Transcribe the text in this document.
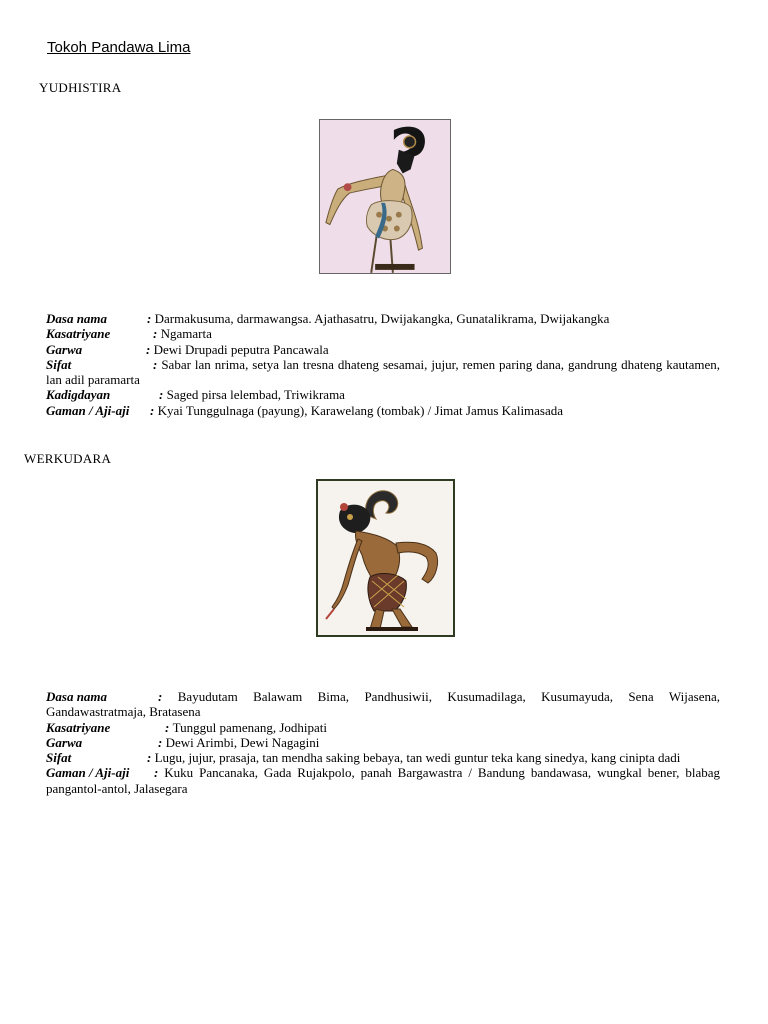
Tokoh Pandawa Lima
YUDHISTIRA

Dasa nama	: Darmakusuma, darmawangsa. Ajathasatru, Dwijakangka, Gunatalikrama, Dwijakangka

Kasatriyane	: Ngamarta

Garwa	: Dewi Drupadi peputra Pancawala

Sifat	: Sabar lan nrima, setya lan tresna dhateng sesamai, jujur, remen paring dana, gandrung dhateng kautamen, lan adil paramarta

Kadigdayan	: Saged pirsa lelembad, Triwikrama

Gaman / Aji-aji : Kyai Tunggulnaga (payung), Karawelang (tombak) / Jimat Jamus Kalimasada

WERKUDARA

Dasa nama	: Bayudutam Balawam Bima, Pandhusiwii, Kusumadilaga, Kusumayuda, Sena Wijasena, Gandawastratmaja, Bratasena

Kasatriyane	: Tunggul pamenang, Jodhipati

Garwa	: Dewi Arimbi, Dewi Nagagini

Sifat	: Lugu, jujur, prasaja, tan mendha saking bebaya, tan wedi guntur teka kang sinedya, kang cinipta dadi

Gaman / Aji-aji : Kuku Pancanaka, Gada Rujakpolo, panah Bargawastra / Bandung bandawasa, wungkal bener, blabag pangantol-antol, Jalasegara
